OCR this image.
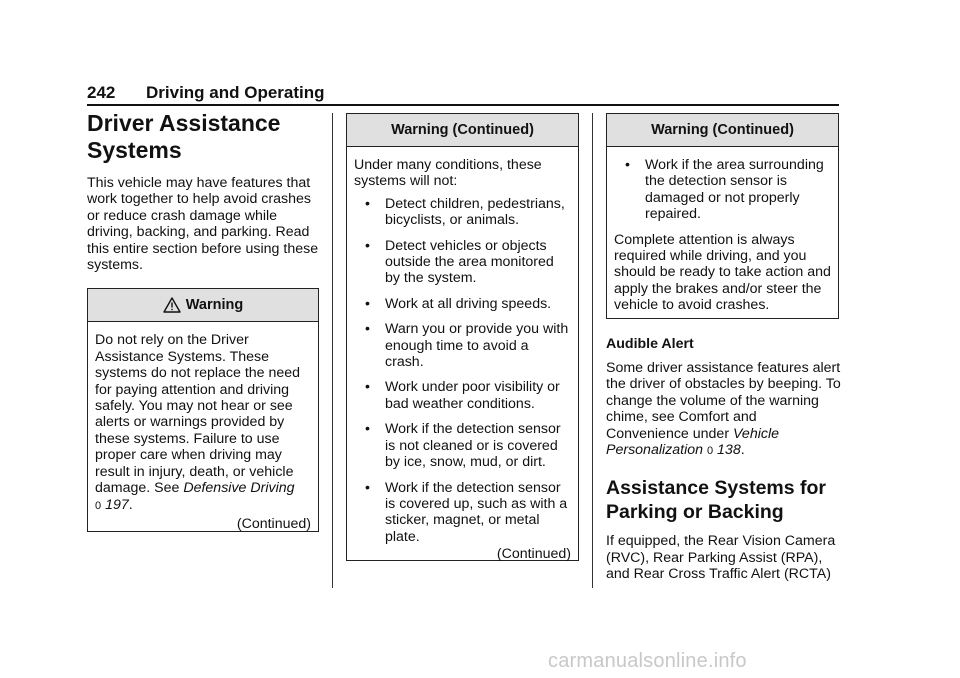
242 Driving and Operating
Driver Assistance
Systems
This vehicle may have features that work together to help avoid crashes or reduce crash damage while driving, backing, and parking. Read this entire section before using these systems.
Warning
Do not rely on the Driver Assistance Systems. These systems do not replace the need for paying attention and driving safely. You may not hear or see alerts or warnings provided by these systems. Failure to use proper care when driving may result in injury, death, or vehicle damage. See Defensive Driving
0 197.
(Continued)
Warning (Continued)
Under many conditions, these systems will not:
• Detect children, pedestrians, bicyclists, or animals.
• Detect vehicles or objects outside the area monitored by the system.
• Work at all driving speeds.
• Warn you or provide you with enough time to avoid a crash.
• Work under poor visibility or bad weather conditions.
• Work if the detection sensor is not cleaned or is covered by ice, snow, mud, or dirt.
• Work if the detection sensor is covered up, such as with a sticker, magnet, or metal plate.
(Continued)
Warning (Continued)
• Work if the area surrounding the detection sensor is damaged or not properly repaired.
Complete attention is always required while driving, and you should be ready to take action and apply the brakes and/or steer the vehicle to avoid crashes.
Audible Alert
Some driver assistance features alert the driver of obstacles by beeping. To change the volume of the warning chime, see Comfort and Convenience under Vehicle Personalization 0 138.
Assistance Systems for
Parking or Backing
If equipped, the Rear Vision Camera (RVC), Rear Parking Assist (RPA), and Rear Cross Traffic Alert (RCTA)
carmanualsonline.info
